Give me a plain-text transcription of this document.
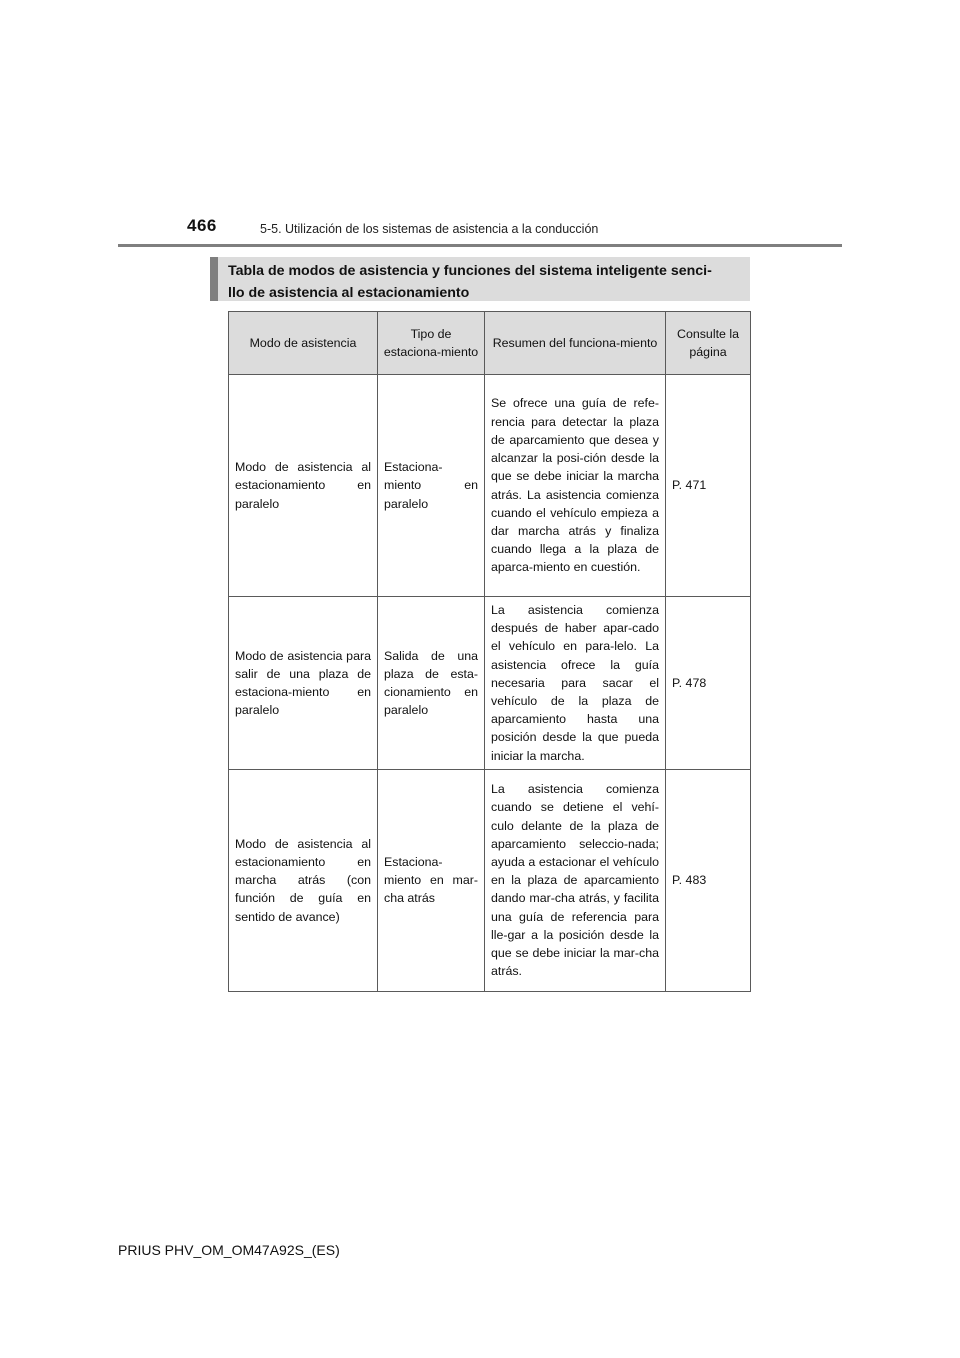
466	5-5. Utilización de los sistemas de asistencia a la conducción
Tabla de modos de asistencia y funciones del sistema inteligente senci-
llo de asistencia al estacionamiento
Modo de asistencia	Tipo de estaciona-miento	Resumen del funciona-miento	Consulte la página
Modo de asistencia al estacionamiento en paralelo	Estaciona-miento en paralelo	Se ofrece una guía de refe-rencia para detectar la plaza de aparcamiento que desea y alcanzar la posi-ción desde la que se debe iniciar la marcha atrás. La asistencia comienza cuando el vehículo empieza a dar marcha atrás y finaliza cuando llega a la plaza de aparca-miento en cuestión.	P. 471
Modo de asistencia para salir de una plaza de estaciona-miento en paralelo	Salida de una plaza de esta-cionamiento en paralelo	La asistencia comienza después de haber apar-cado el vehículo en para-lelo. La asistencia ofrece la guía necesaria para sacar el vehículo de la plaza de aparcamiento hasta una posición desde la que pueda iniciar la marcha.	P. 478
Modo de asistencia al estacionamiento en marcha atrás (con función de guía en sentido de avance)	Estaciona-miento en mar-cha atrás	La asistencia comienza cuando se detiene el vehí-culo delante de la plaza de aparcamiento seleccio-nada; ayuda a estacionar el vehículo en la plaza de aparcamiento dando mar-cha atrás, y facilita una guía de referencia para lle-gar a la posición desde la que se debe iniciar la mar-cha atrás.	P. 483
PRIUS PHV_OM_OM47A92S_(ES)
